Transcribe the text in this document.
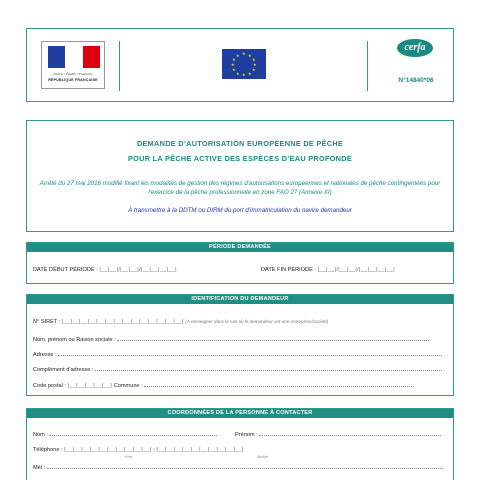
Liberté • Égalité • Fraternité
RÉPUBLIQUE FRANÇAISE
★ ★
★
★
★
★
★
★
★
★
★
★
cerfa
N°14840*06
DEMANDE D’AUTORISATION EUROPÉENNE DE PÊCHE
POUR LA PÊCHE ACTIVE DES ESPÈCES D’EAU PROFONDE
Arrêté du 27 mai 2016 modifié fixant les modalités de gestion des régimes d'autorisations européennes et nationales de pêche contingentées pour l'exercice de la pêche professionnelle en zone FAO 27 (Annexe XI)
À transmettre à la DDTM ou DIRM du port d'immatriculation du navire demandeur
PÉRIODE DEMANDÉE
DATE DÉBUT PÉRIODE : |__|__|/|__|__|/|__|__|__|__|	DATE FIN PÉRIODE : |__|__|/|__|__|/|__|__|__|__|
IDENTIFICATION DU DEMANDEUR
N° SIRET : |__|__|__|__|__|__|__|__|__|__|__|__|__|__| (A renseigner dans le cas où le demandeur est une entreprise/société)
Nom, prénom ou Raison sociale :
Adresse :
Complément d'adresse :
Code postal : |__|__|__|__|__| Commune :
COORDONNÉES DE LA PERSONNE À CONTACTER
Nom :	Prénom :
Téléphone : |__|__|__|__|__|__|__|__|__|__| ; |__|__|__|__|__|__|__|__|__|__|
Fixe	Mobile
Mél :
